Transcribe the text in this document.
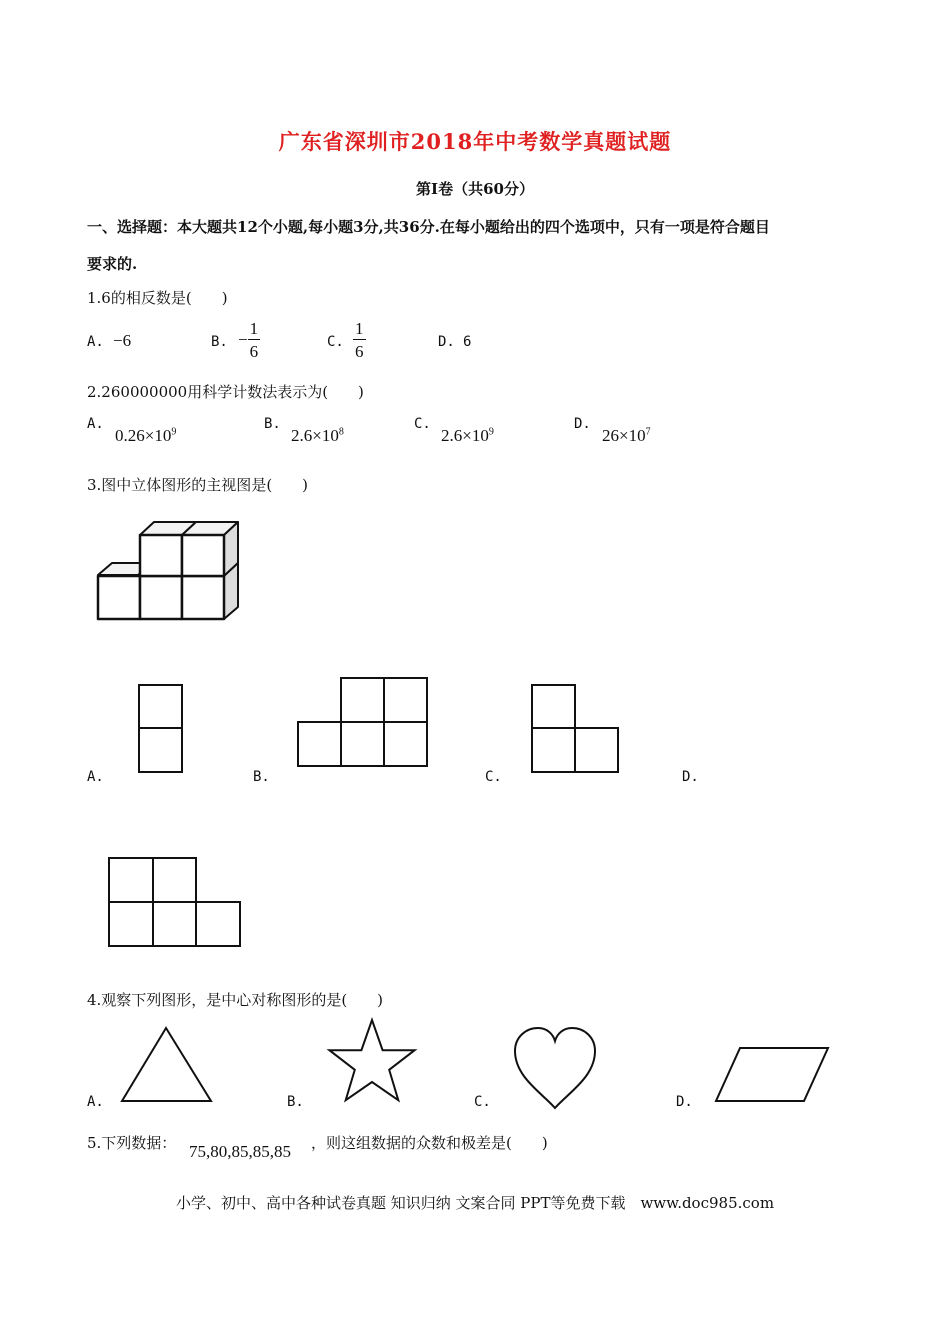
广东省深圳市2018年中考数学真题试题
第I卷（共60分）
一、选择题：本大题共12个小题,每小题3分,共36分.在每小题给出的四个选项中，只有一项是符合题目
要求的.
1.6的相反数是(　　)
A. −6	B. − $\frac{1}{6}$	C. $\frac{1}{6}$	D. 6
2.260000000用科学计数法表示为(　　)
A.
$0.26\times 10^9$	B.
$2.6\times 10^8$	C.
$2.6\times 10^9$	D.
$26\times 10^7$
3.图中立体图形的主视图是(　　)
A.	B.	C.	D.
4.观察下列图形，是中心对称图形的是(　　)
A.	B.	C.	D.
5.下列数据： 75,80,85,85,85 ，则这组数据的众数和极差是(　　)
小学、初中、高中各种试卷真题 知识归纳 文案合同 PPT等免费下载　www.doc985.com
